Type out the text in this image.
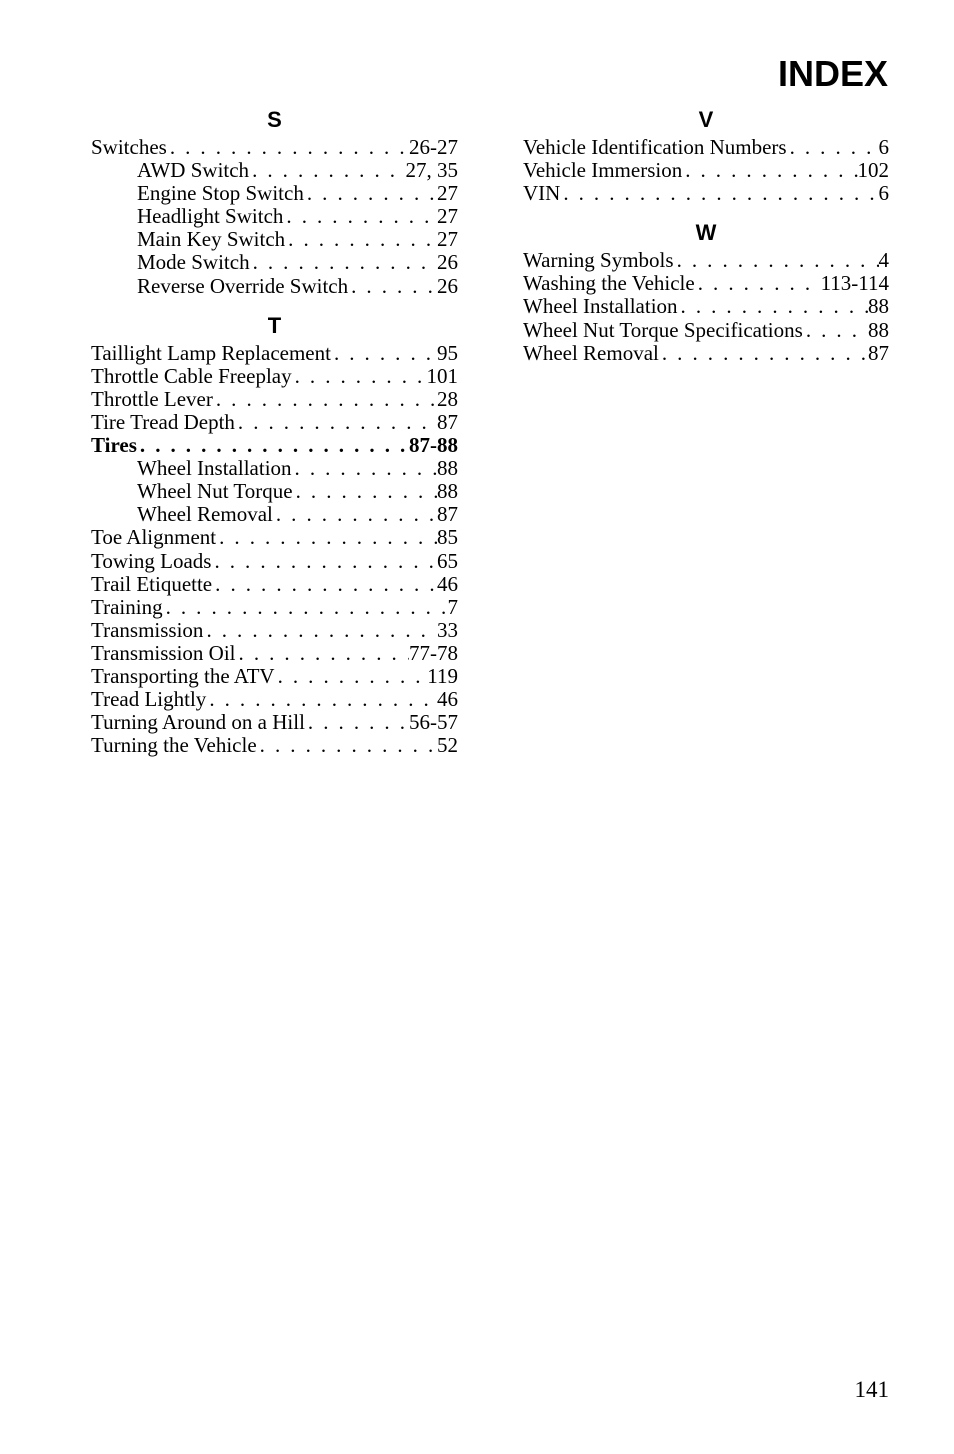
INDEX
S
Switches . . .	26-27
AWD Switch . . .	27, 35
Engine Stop Switch . . .	27
Headlight Switch . . .	27
Main Key Switch . . .	27
Mode Switch . . .	26
Reverse Override Switch . . .	26
T
Taillight Lamp Replacement . . .	95
Throttle Cable Freeplay . . .	101
Throttle Lever . . .	28
Tire Tread Depth . . .	87
Tires . . .	87-88
Wheel Installation . . .	88
Wheel Nut Torque . . .	88
Wheel Removal . . .	87
Toe Alignment . . .	85
Towing Loads . . .	65
Trail Etiquette . . .	46
Training . . .	7
Transmission . . .	33
Transmission Oil . . .	77-78
Transporting the ATV . . .	119
Tread Lightly . . .	46
Turning Around on a Hill . . .	56-57
Turning the Vehicle . . .	52
V
Vehicle Identification Numbers . . .	6
Vehicle Immersion . . .	102
VIN . . .	6
W
Warning Symbols . . .	4
Washing the Vehicle . . .	113-114
Wheel Installation . . .	88
Wheel Nut Torque Specifications . . .	88
Wheel Removal . . .	87
141
